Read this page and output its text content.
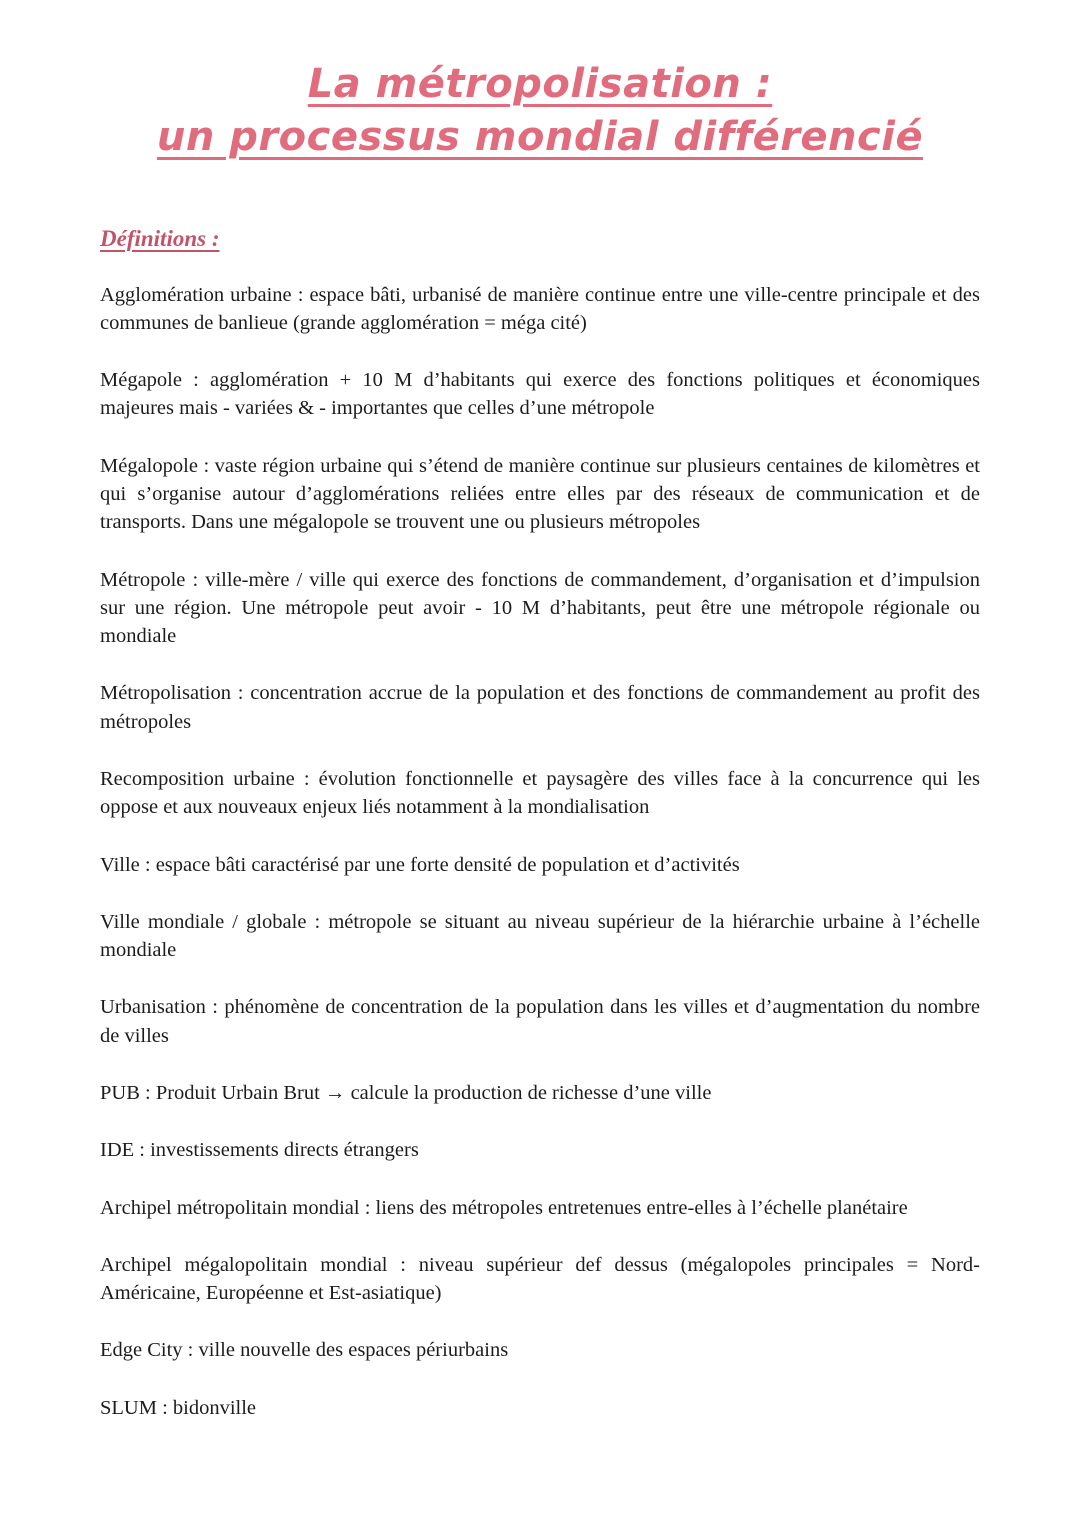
La métropolisation :
un processus mondial différencié
Définitions :

Agglomération urbaine : espace bâti, urbanisé de manière continue entre une ville-centre principale et des communes de banlieue (grande agglomération = méga cité)

Mégapole : agglomération + 10 M d’habitants qui exerce des fonctions politiques et économiques majeures mais - variées & - importantes que celles d’une métropole

Mégalopole : vaste région urbaine qui s’étend de manière continue sur plusieurs centaines de kilomètres et qui s’organise autour d’agglomérations reliées entre elles par des réseaux de communication et de transports. Dans une mégalopole se trouvent une ou plusieurs métropoles

Métropole : ville-mère / ville qui exerce des fonctions de commandement, d’organisation et d’impulsion sur une région. Une métropole peut avoir - 10 M d’habitants, peut être une métropole régionale ou mondiale

Métropolisation : concentration accrue de la population et des fonctions de commandement au profit des métropoles

Recomposition urbaine : évolution fonctionnelle et paysagère des villes face à la concurrence qui les oppose et aux nouveaux enjeux liés notamment à la mondialisation

Ville : espace bâti caractérisé par une forte densité de population et d’activités

Ville mondiale / globale : métropole se situant au niveau supérieur de la hiérarchie urbaine à l’échelle mondiale

Urbanisation : phénomène de concentration de la population dans les villes et d’augmentation du nombre de villes

PUB : Produit Urbain Brut → calcule la production de richesse d’une ville

IDE : investissements directs étrangers

Archipel métropolitain mondial : liens des métropoles entretenues entre-elles à l’échelle planétaire

Archipel mégalopolitain mondial : niveau supérieur def dessus (mégalopoles principales = Nord-Américaine, Européenne et Est-asiatique)

Edge City : ville nouvelle des espaces périurbains

SLUM : bidonville
